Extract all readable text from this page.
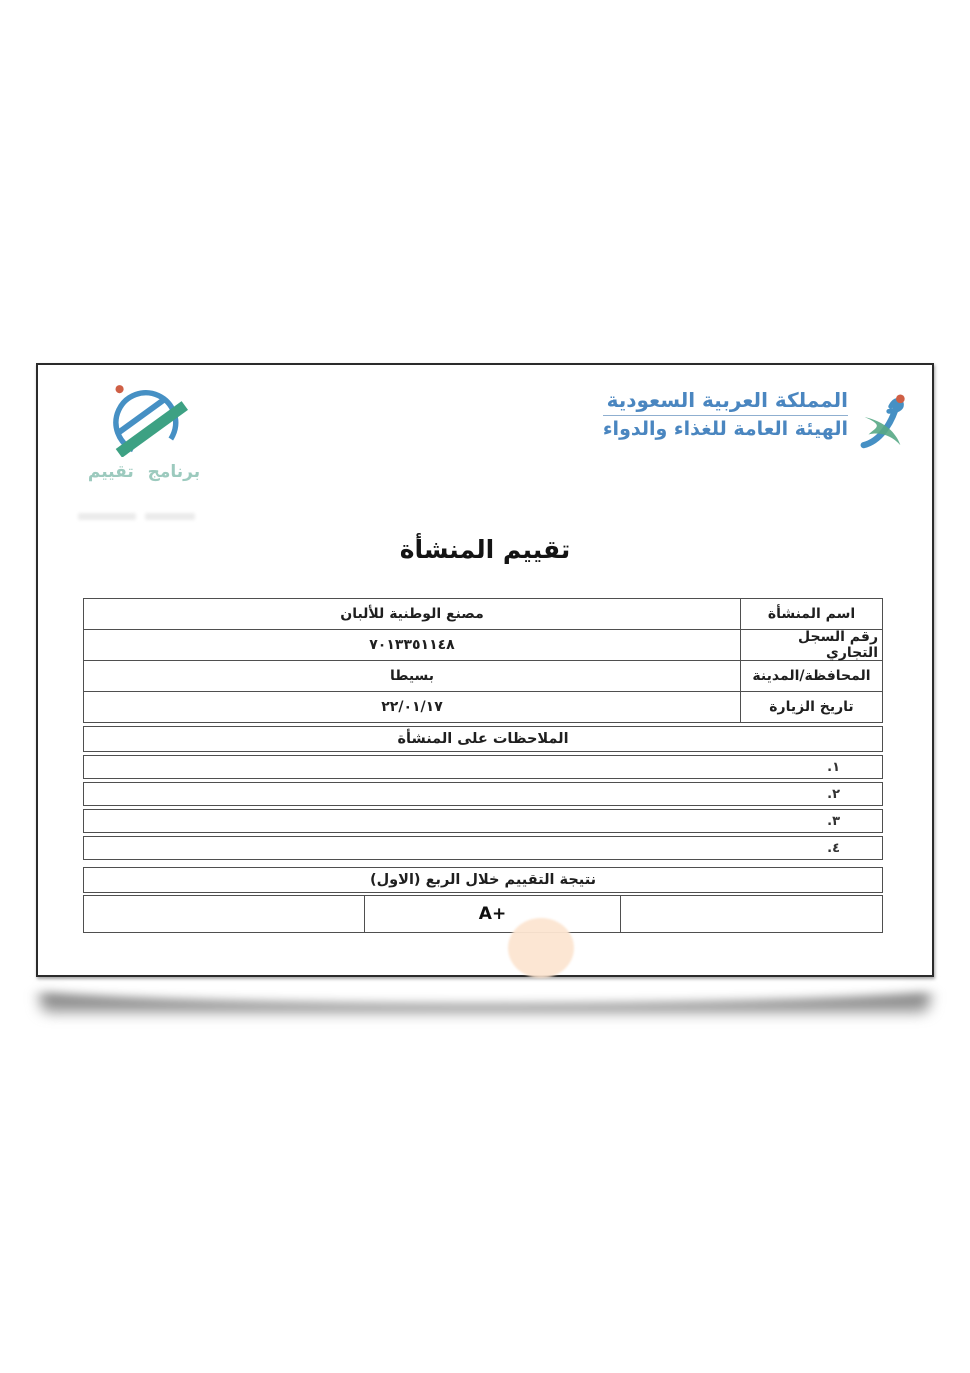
المملكة العربية السعودية
الهيئة العامة للغذاء والدواء
برنامج تقييم
تقييم المنشأة
اسم المنشأة
مصنع الوطنية للألبان
رقم السجل التجاري
٧٠١٣٣٥١١٤٨
المحافظة/المدينة
بسيطا
تاريخ الزيارة
٢٢/٠١/١٧
الملاحظات على المنشأة
١.
٢.
٣.
٤.
نتيجة التقييم خلال الربع (الاول)
A+
